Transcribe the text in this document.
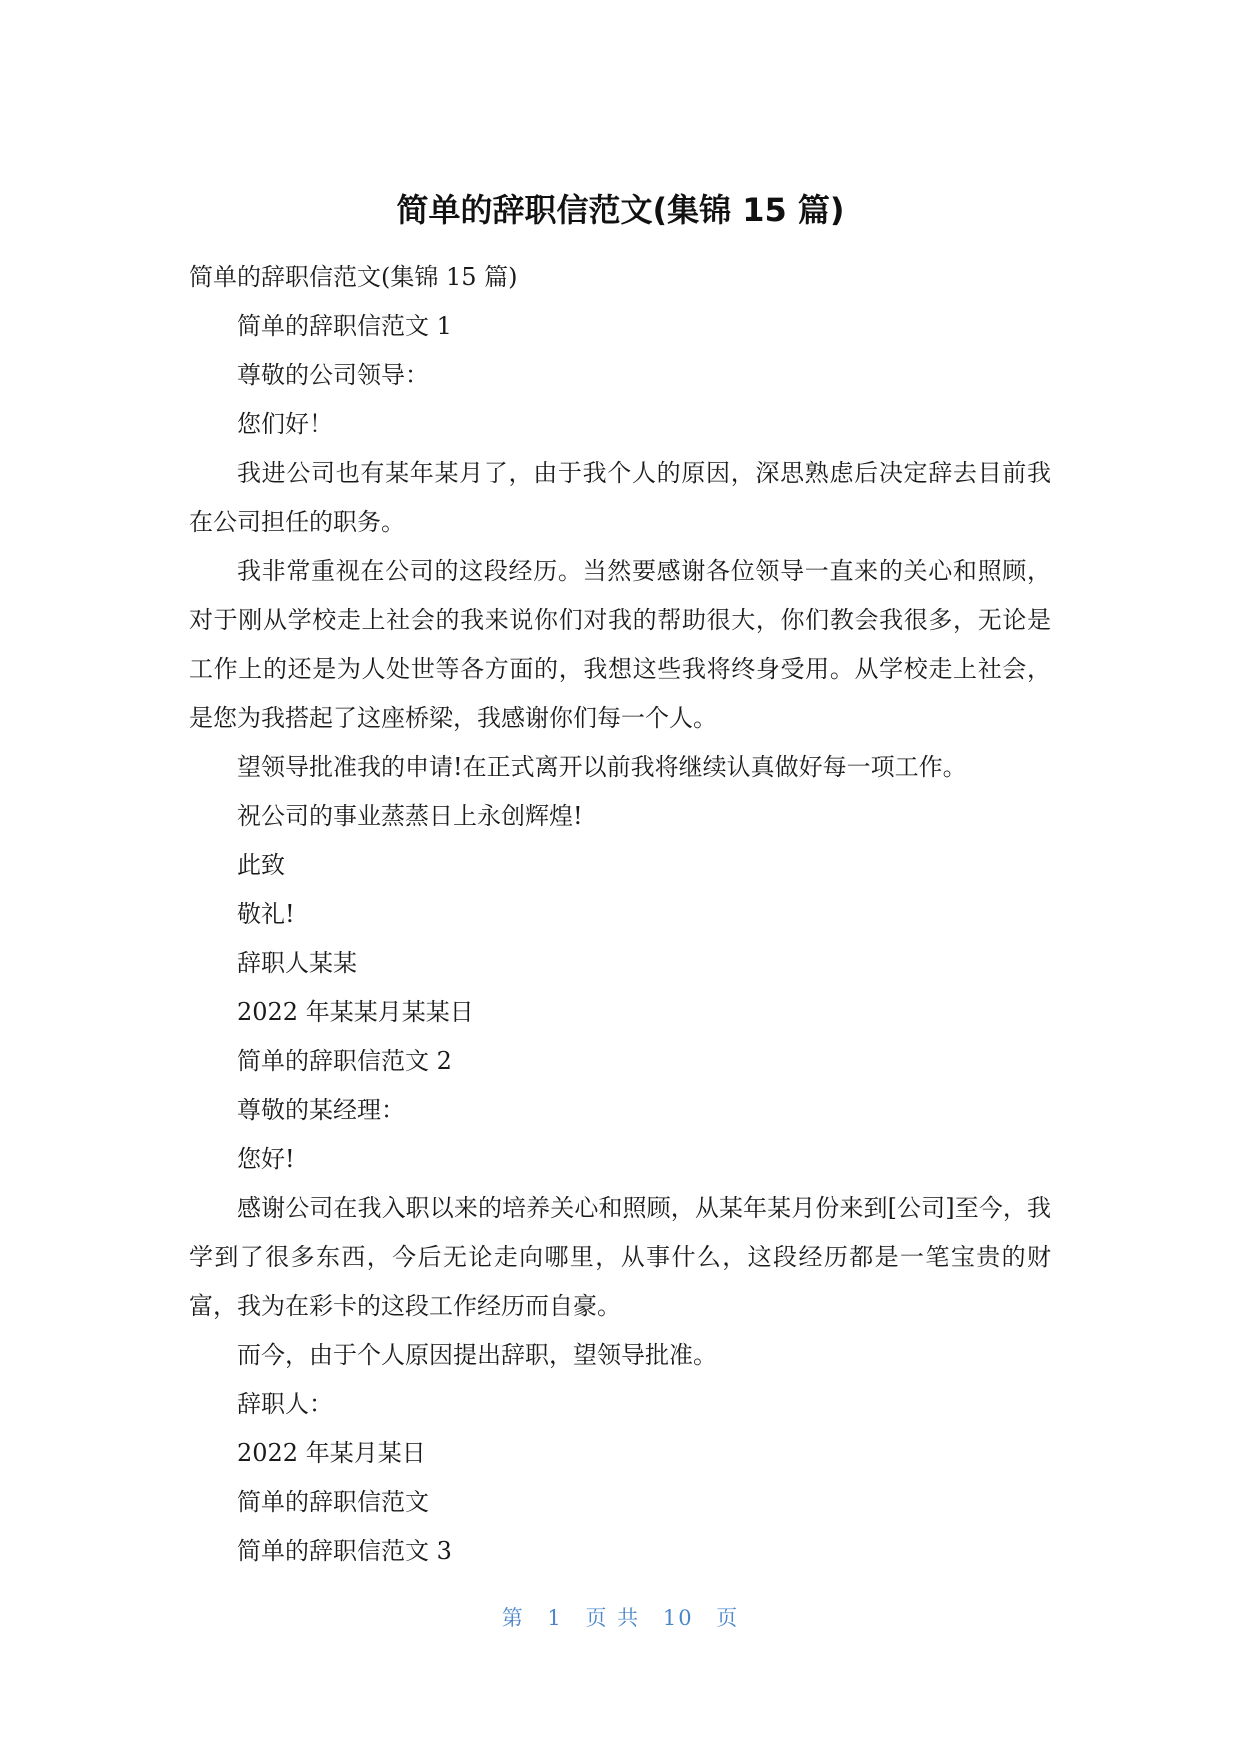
简单的辞职信范文(集锦 15 篇)

简单的辞职信范文(集锦 15 篇)

简单的辞职信范文 1

尊敬的公司领导：

您们好！

我进公司也有某年某月了，由于我个人的原因，深思熟虑后决定辞去目前我在公司担任的职务。

我非常重视在公司的这段经历。当然要感谢各位领导一直来的关心和照顾，对于刚从学校走上社会的我来说你们对我的帮助很大，你们教会我很多，无论是工作上的还是为人处世等各方面的，我想这些我将终身受用。从学校走上社会，是您为我搭起了这座桥梁，我感谢你们每一个人。

望领导批准我的申请!在正式离开以前我将继续认真做好每一项工作。

祝公司的事业蒸蒸日上永创辉煌!

此致

敬礼!

辞职人某某

2022 年某某月某某日

简单的辞职信范文 2

尊敬的某经理：

您好!

感谢公司在我入职以来的培养关心和照顾，从某年某月份来到[公司]至今，我学到了很多东西，今后无论走向哪里，从事什么，这段经历都是一笔宝贵的财富，我为在彩卡的这段工作经历而自豪。

而今，由于个人原因提出辞职，望领导批准。

辞职人：

2022 年某月某日

简单的辞职信范文

简单的辞职信范文 3

第 1 页 共 10 页
